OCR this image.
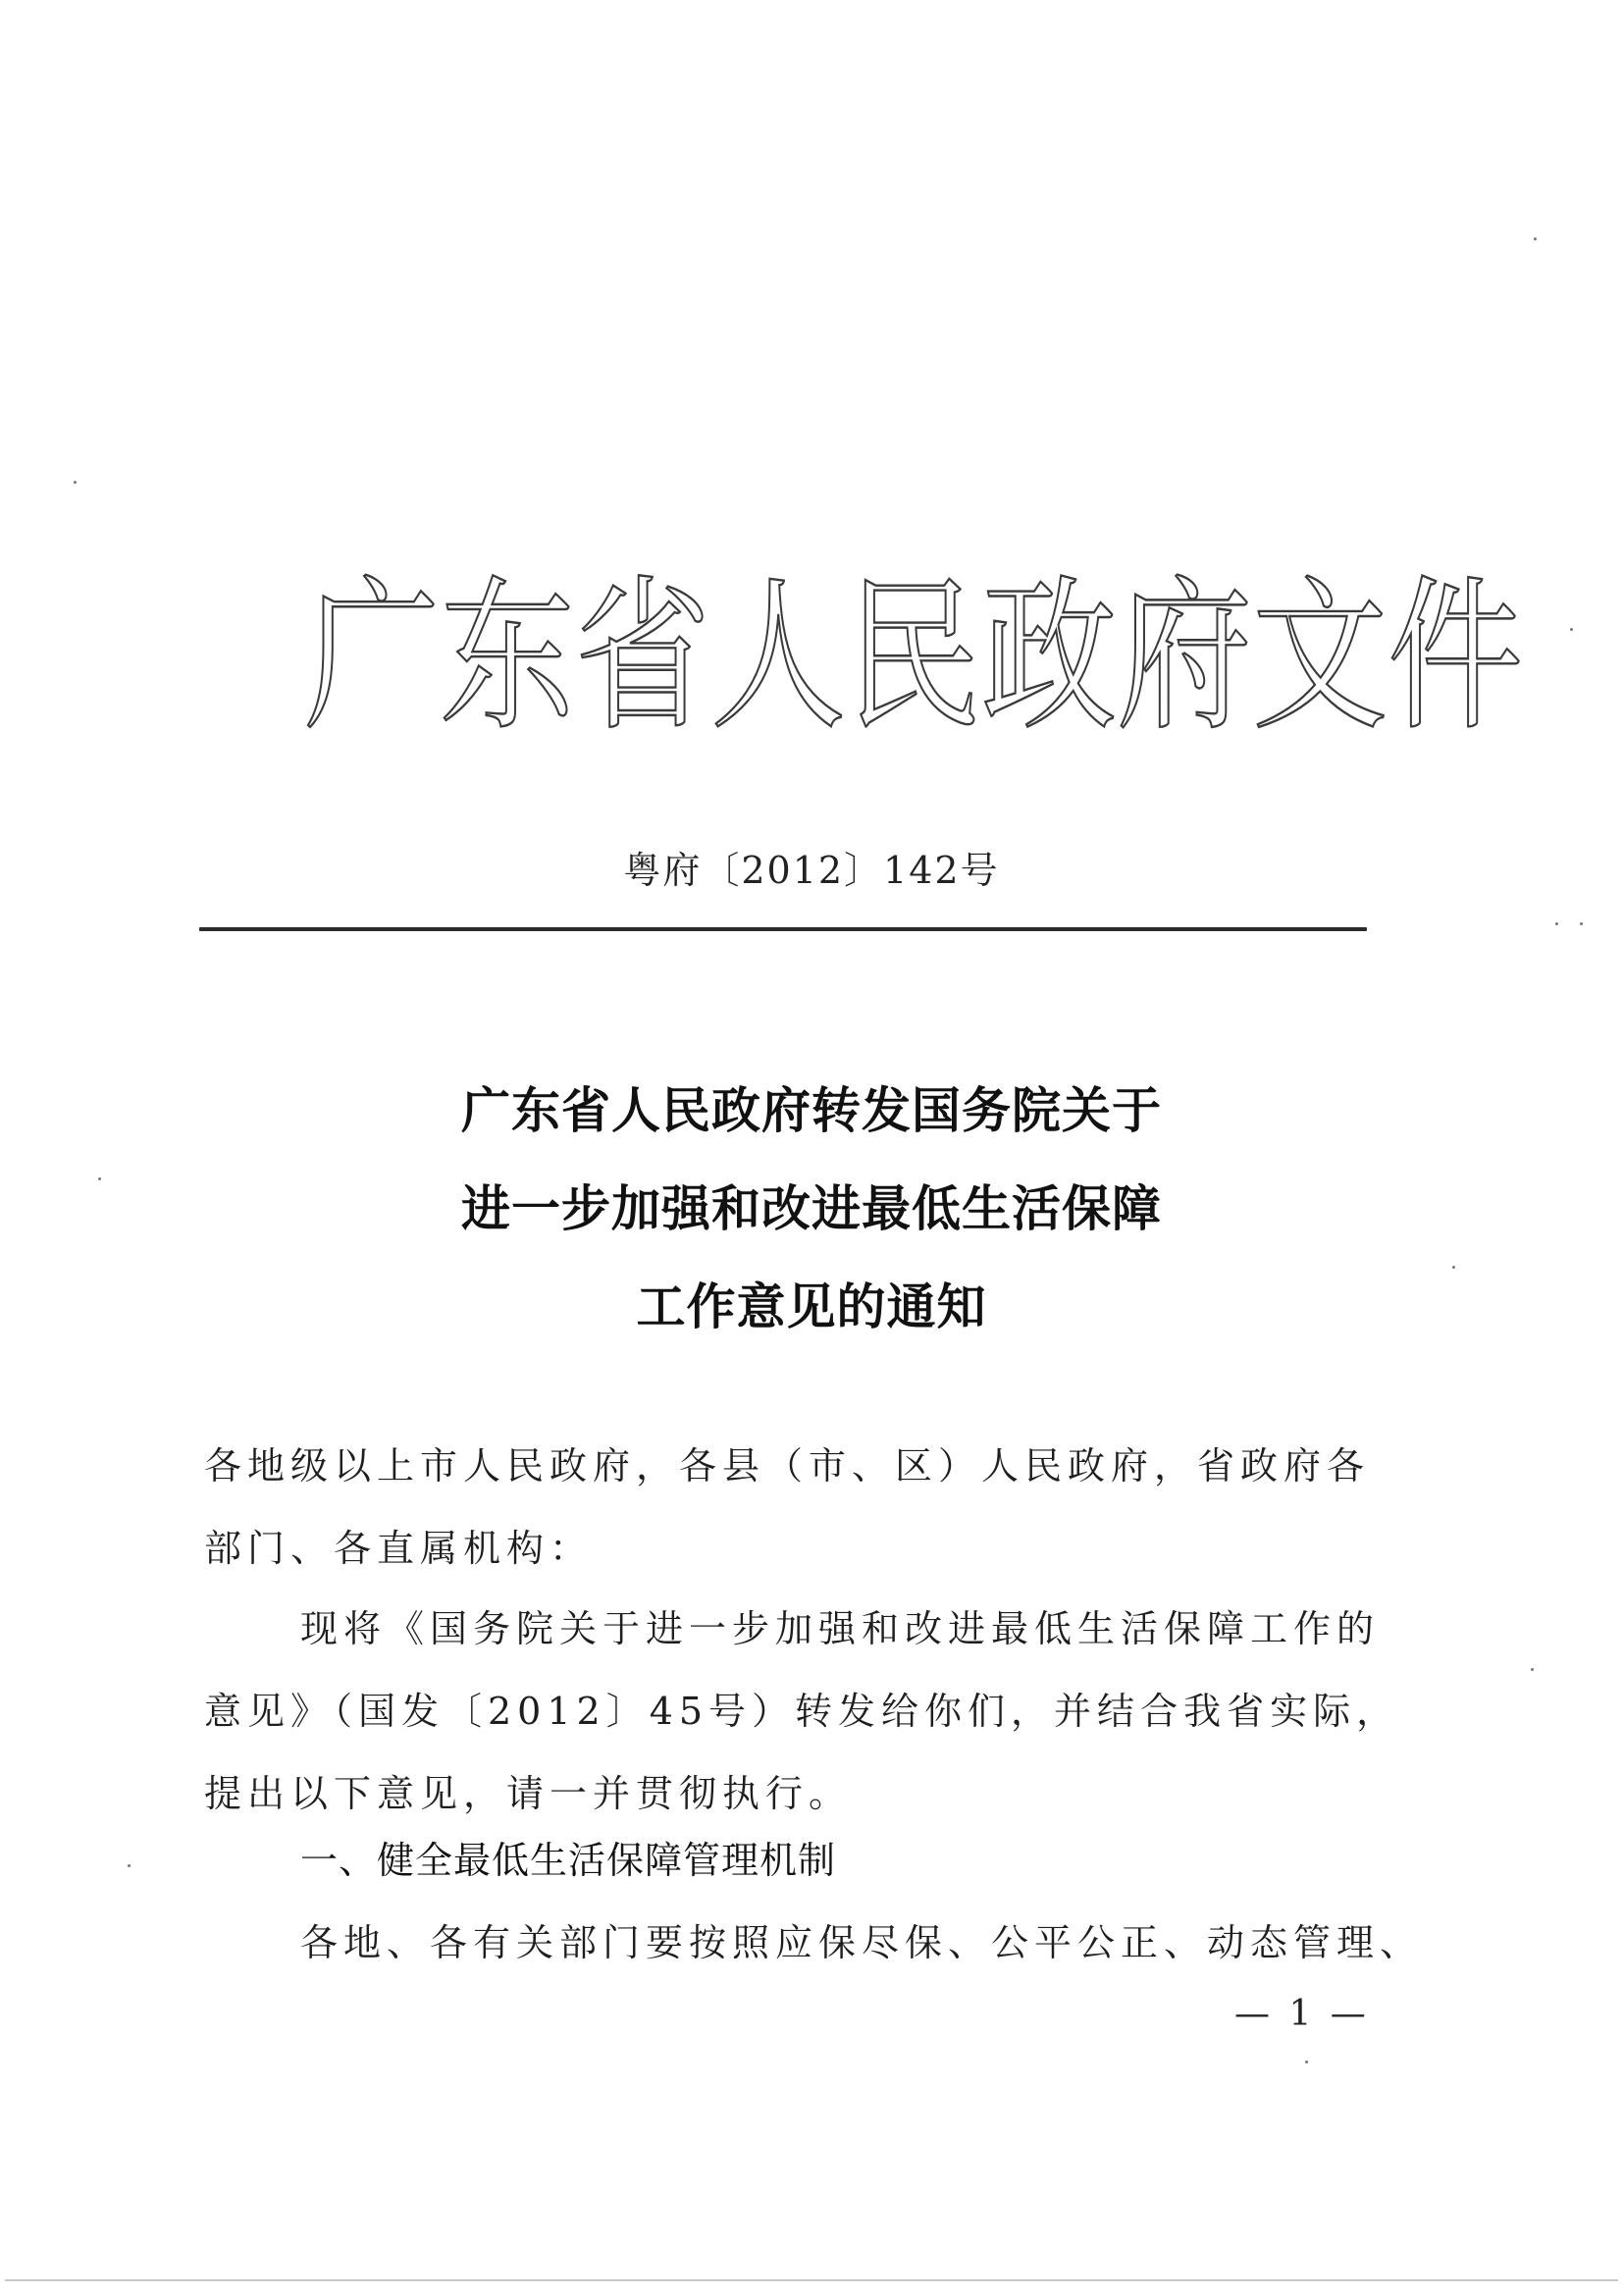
广 东 省 人 民 政 府 文 件
粤府〔2012〕142号
广东省人民政府转发国务院关于
进一步加强和改进最低生活保障
工作意见的通知
各地级以上市人民政府，各县（市、区）人民政府，省政府各
部门、各直属机构：
现将《国务院关于进一步加强和改进最低生活保障工作的
意见》（国发〔2012〕45号）转发给你们，并结合我省实际，
提出以下意见，请一并贯彻执行。
一、健全最低生活保障管理机制
各地、各有关部门要按照应保尽保、公平公正、动态管理、
— 1 —
